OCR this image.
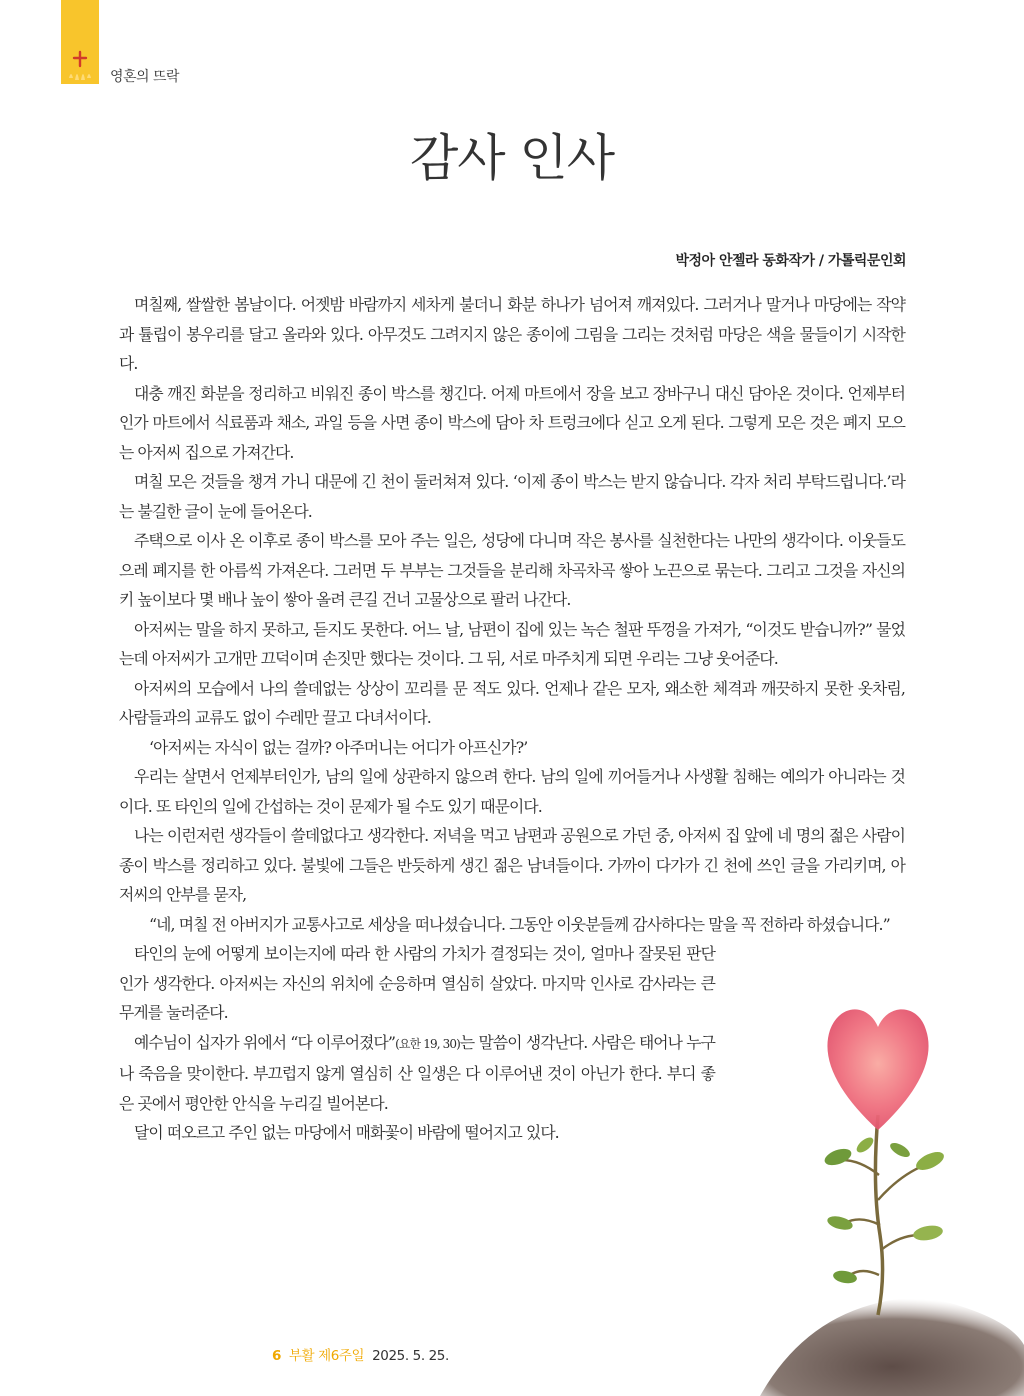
영혼의 뜨락
감사 인사
박정아 안젤라 동화작가 / 가톨릭문인회

며칠째, 쌀쌀한 봄날이다. 어젯밤 바람까지 세차게 불더니 화분 하나가 넘어져 깨져있다. 그러거나 말거나 마당에는 작약과 튤립이 봉우리를 달고 올라와 있다. 아무것도 그려지지 않은 종이에 그림을 그리는 것처럼 마당은 색을 물들이기 시작한다.

대충 깨진 화분을 정리하고 비워진 종이 박스를 챙긴다. 어제 마트에서 장을 보고 장바구니 대신 담아온 것이다. 언제부터인가 마트에서 식료품과 채소, 과일 등을 사면 종이 박스에 담아 차 트렁크에다 싣고 오게 된다. 그렇게 모은 것은 폐지 모으는 아저씨 집으로 가져간다.

며칠 모은 것들을 챙겨 가니 대문에 긴 천이 둘러쳐져 있다. ‘이제 종이 박스는 받지 않습니다. 각자 처리 부탁드립니다.’라는 불길한 글이 눈에 들어온다.

주택으로 이사 온 이후로 종이 박스를 모아 주는 일은, 성당에 다니며 작은 봉사를 실천한다는 나만의 생각이다. 이웃들도 으레 폐지를 한 아름씩 가져온다. 그러면 두 부부는 그것들을 분리해 차곡차곡 쌓아 노끈으로 묶는다. 그리고 그것을 자신의 키 높이보다 몇 배나 높이 쌓아 올려 큰길 건너 고물상으로 팔러 나간다.

아저씨는 말을 하지 못하고, 듣지도 못한다. 어느 날, 남편이 집에 있는 녹슨 철판 뚜껑을 가져가, “이것도 받습니까?” 물었는데 아저씨가 고개만 끄덕이며 손짓만 했다는 것이다. 그 뒤, 서로 마주치게 되면 우리는 그냥 웃어준다.

아저씨의 모습에서 나의 쓸데없는 상상이 꼬리를 문 적도 있다. 언제나 같은 모자, 왜소한 체격과 깨끗하지 못한 옷차림, 사람들과의 교류도 없이 수레만 끌고 다녀서이다.

‘아저씨는 자식이 없는 걸까? 아주머니는 어디가 아프신가?’

우리는 살면서 언제부터인가, 남의 일에 상관하지 않으려 한다. 남의 일에 끼어들거나 사생활 침해는 예의가 아니라는 것이다. 또 타인의 일에 간섭하는 것이 문제가 될 수도 있기 때문이다.

나는 이런저런 생각들이 쓸데없다고 생각한다. 저녁을 먹고 남편과 공원으로 가던 중, 아저씨 집 앞에 네 명의 젊은 사람이 종이 박스를 정리하고 있다. 불빛에 그들은 반듯하게 생긴 젊은 남녀들이다. 가까이 다가가 긴 천에 쓰인 글을 가리키며, 아저씨의 안부를 묻자,

“네, 며칠 전 아버지가 교통사고로 세상을 떠나셨습니다. 그동안 이웃분들께 감사하다는 말을 꼭 전하라 하셨습니다.”

타인의 눈에 어떻게 보이는지에 따라 한 사람의 가치가 결정되는 것이, 얼마나 잘못된 판단인가 생각한다. 아저씨는 자신의 위치에 순응하며 열심히 살았다. 마지막 인사로 감사라는 큰 무게를 눌러준다.

예수님이 십자가 위에서 “다 이루어졌다”(요한 19, 30)는 말씀이 생각난다. 사람은 태어나 누구나 죽음을 맞이한다. 부끄럽지 않게 열심히 산 일생은 다 이루어낸 것이 아닌가 한다. 부디 좋은 곳에서 평안한 안식을 누리길 빌어본다.

달이 떠오르고 주인 없는 마당에서 매화꽃이 바람에 떨어지고 있다.

6 부활 제6주일 2025. 5. 25.
